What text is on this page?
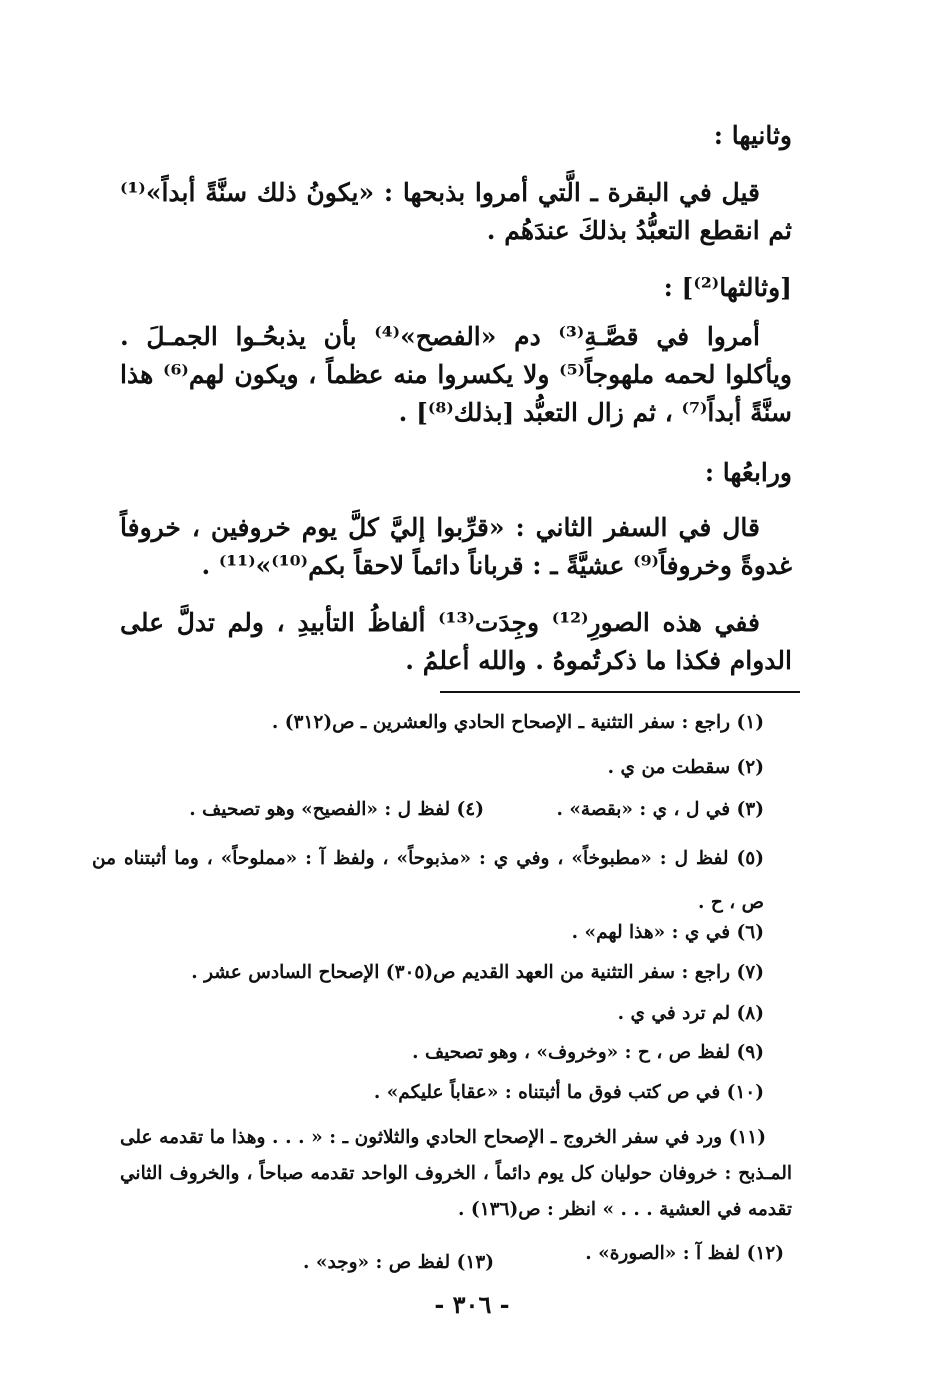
وثانيها :
قيل في البقرة ـ الَّتي أمروا بذبحها : «يكونُ ذلك سنَّةً أبداً»⁽¹⁾ ثم انقطع التعبُّدُ بذلكَ عندَهُم .
[وثالثها⁽²⁾] :
أمروا في قصَّـةِ⁽³⁾ دم «الفصح»⁽⁴⁾ بأن يذبحُـوا الجمـلَ . ويأكلوا لحمه ملهوجاً⁽⁵⁾ ولا يكسروا منه عظماً ، ويكون لهم⁽⁶⁾ هذا سنَّةً أبداً⁽⁷⁾ ، ثم زال التعبُّد [بذلك⁽⁸⁾] .
ورابعُها :
قال في السفر الثاني : «قرِّبوا إليَّ كلَّ يوم خروفين ، خروفاً غدوةً وخروفاً⁽⁹⁾ عشيَّةً ـ : قرباناً دائماً لاحقاً بكم⁽¹⁰⁾»⁽¹¹⁾ .
ففي هذه الصورِ⁽¹²⁾ وجِدَت⁽¹³⁾ ألفاظُ التأبيدِ ، ولم تدلَّ على الدوام فكذا ما ذكرتُموهُ . والله أعلمُ .
(١) راجع : سفر التثنية ـ الإصحاح الحادي والعشرين ـ ص(٣١٢) .
(٢) سقطت من ي .
(٣) في ل ، ي : «بقصة» .
(٤) لفظ ل : «الفصيح» وهو تصحيف .
(٥) لفظ ل : «مطبوخاً» ، وفي ي : «مذبوحاً» ، ولفظ آ : «مملوحاً» ، وما أثبتناه من ص ، ح .
(٦) في ي : «هذا لهم» .
(٧) راجع : سفر التثنية من العهد القديم ص(٣٠٥) الإصحاح السادس عشر .
(٨) لم ترد في ي .
(٩) لفظ ص ، ح : «وخروف» ، وهو تصحيف .
(١٠) في ص كتب فوق ما أثبتناه : «عقاباً عليكم» .
(١١) ورد في سفر الخروج ـ الإصحاح الحادي والثلاثون ـ : « . . . وهذا ما تقدمه على المـذبح : خروفان حوليان كل يوم دائماً ، الخروف الواحد تقدمه صباحاً ، والخروف الثاني تقدمه في العشية . . . » انظر : ص(١٣٦) .
(١٢) لفظ آ : «الصورة» .
(١٣) لفظ ص : «وجد» .
- ٣٠٦ -
